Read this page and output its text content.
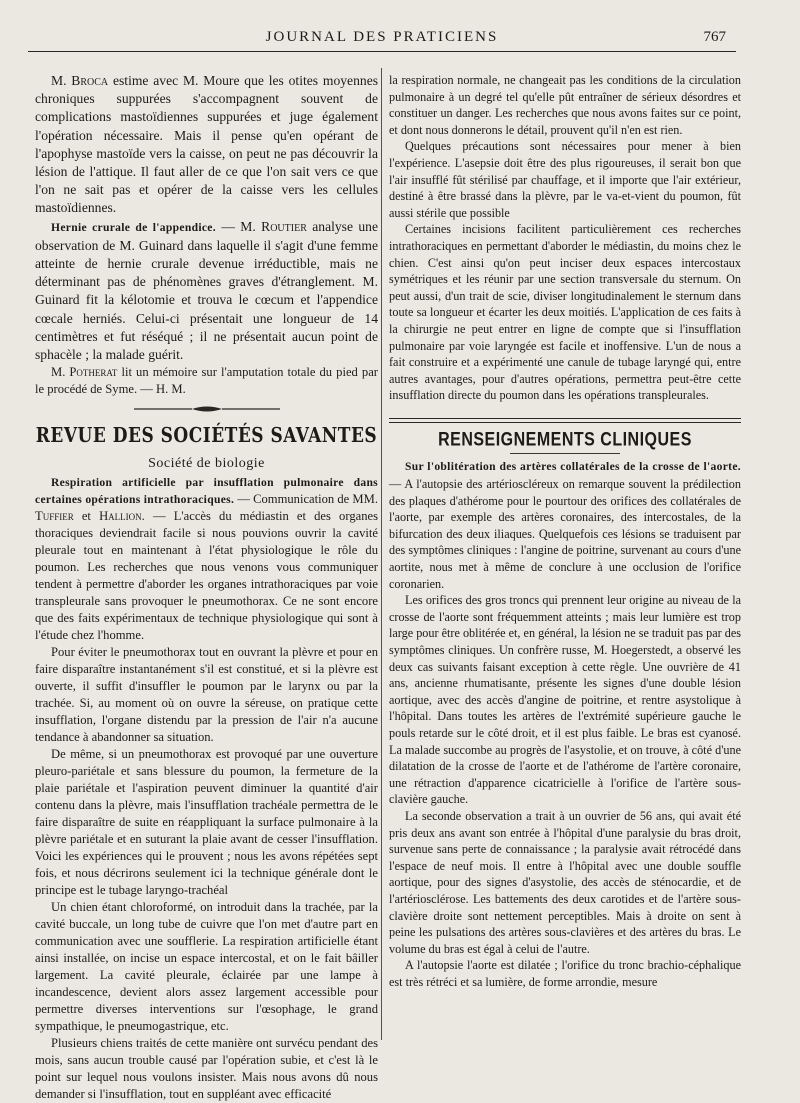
JOURNAL DES PRATICIENS	767

M. Broca estime avec M. Moure que les otites moyennes chroniques suppurées s'accompagnent souvent de complications mastoïdiennes suppurées et juge également l'opération nécessaire. Mais il pense qu'en opérant de l'apophyse mastoïde vers la caisse, on peut ne pas découvrir la lésion de l'attique. Il faut aller de ce que l'on sait vers ce que l'on ne sait pas et opérer de la caisse vers les cellules mastoïdiennes.

Hernie crurale de l'appendice. — M. Routier analyse une observation de M. Guinard dans laquelle il s'agit d'une femme atteinte de hernie crurale devenue irréductible, mais ne déterminant pas de phénomènes graves d'étranglement. M. Guinard fit la kélotomie et trouva le cœcum et l'appendice cœcale herniés. Celui-ci présentait une longueur de 14 centimètres et fut réséqué ; il ne présentait aucun point de sphacèle ; la malade guérit.

M. Potherat lit un mémoire sur l'amputation totale du pied par le procédé de Syme. — H. M.

REVUE DES SOCIÉTÉS SAVANTES
Société de biologie

Respiration artificielle par insufflation pulmonaire dans certaines opérations intrathoraciques. — Communication de MM. Tuffier et Hallion. — L'accès du médiastin et des organes thoraciques deviendrait facile si nous pouvions ouvrir la cavité pleurale tout en maintenant à l'état physiologique le rôle du poumon. Les recherches que nous venons vous communiquer tendent à permettre d'aborder les organes intrathoraciques par voie transpleurale sans provoquer le pneumothorax. Ce ne sont encore que des faits expérimentaux de technique physiologique qui sont à l'étude chez l'homme.

Pour éviter le pneumothorax tout en ouvrant la plèvre et pour en faire disparaître instantanément s'il est constitué, et si la plèvre est ouverte, il suffit d'insuffler le poumon par le larynx ou par la trachée. Si, au moment où on ouvre la séreuse, on pratique cette insufflation, l'organe distendu par la pression de l'air n'a aucune tendance à abandonner sa situation.

De même, si un pneumothorax est provoqué par une ouverture pleuro-pariétale et sans blessure du poumon, la fermeture de la plaie pariétale et l'aspiration peuvent diminuer la quantité d'air contenu dans la plèvre, mais l'insufflation trachéale permettra de le faire disparaître de suite en réappliquant la surface pulmonaire à la plèvre pariétale et en suturant la plaie avant de cesser l'insufflation. Voici les expériences qui le prouvent ; nous les avons répétées sept fois, et nous décrirons seulement ici la technique générale dont le principe est le tubage laryngo-trachéal

Un chien étant chloroformé, on introduit dans la trachée, par la cavité buccale, un long tube de cuivre que l'on met d'autre part en communication avec une soufflerie. La respiration artificielle étant ainsi installée, on incise un espace intercostal, et on le fait bâiller largement. La cavité pleurale, éclairée par une lampe à incandescence, devient alors assez largement accessible pour permettre diverses interventions sur l'œsophage, le grand sympathique, le pneumogastrique, etc.

Plusieurs chiens traités de cette manière ont survécu pendant des mois, sans aucun trouble causé par l'opération subie, et c'est là le point sur lequel nous voulons insister. Mais nous avons dû nous demander si l'insufflation, tout en suppléant avec efficacité

la respiration normale, ne changeait pas les conditions de la circulation pulmonaire à un degré tel qu'elle pût entraîner de sérieux désordres et constituer un danger. Les recherches que nous avons faites sur ce point, et dont nous donnerons le détail, prouvent qu'il n'en est rien.

Quelques précautions sont nécessaires pour mener à bien l'expérience. L'asepsie doit être des plus rigoureuses, il serait bon que l'air insufflé fût stérilisé par chauffage, et il importe que l'air extérieur, destiné à être brassé dans la plèvre, par le va-et-vient du poumon, fût aussi stérile que possible

Certaines incisions facilitent particulièrement ces recherches intrathoraciques en permettant d'aborder le médiastin, du moins chez le chien. C'est ainsi qu'on peut inciser deux espaces intercostaux symétriques et les réunir par une section transversale du sternum. On peut aussi, d'un trait de scie, diviser longitudinalement le sternum dans toute sa longueur et écarter les deux moitiés. L'application de ces faits à la chirurgie ne peut entrer en ligne de compte que si l'insufflation pulmonaire par voie laryngée est facile et inoffensive. L'un de nous a fait construire et a expérimenté une canule de tubage laryngé qui, entre autres avantages, pour d'autres opérations, permettra peut-être cette insufflation directe du poumon dans les opérations transpleurales.

RENSEIGNEMENTS CLINIQUES

Sur l'oblitération des artères collatérales de la crosse de l'aorte. — A l'autopsie des artérioscléreux on remarque souvent la prédilection des plaques d'athérome pour le pourtour des orifices des collatérales de l'aorte, par exemple des artères coronaires, des intercostales, de la bifurcation des deux iliaques. Quelquefois ces lésions se traduisent par des symptômes cliniques : l'angine de poitrine, survenant au cours d'une aortite, nous met à même de conclure à une occlusion de l'orifice coronarien.

Les orifices des gros troncs qui prennent leur origine au niveau de la crosse de l'aorte sont fréquemment atteints ; mais leur lumière est trop large pour être oblitérée et, en général, la lésion ne se traduit pas par des symptômes cliniques. Un confrère russe, M. Hoegerstedt, a observé les deux cas suivants faisant exception à cette règle. Une ouvrière de 41 ans, ancienne rhumatisante, présente les signes d'une double lésion aortique, avec des accès d'angine de poitrine, et rentre asystolique à l'hôpital. Dans toutes les artères de l'extrémité supérieure gauche le pouls retarde sur le côté droit, et il est plus faible. Le bras est cyanosé. La malade succombe au progrès de l'asystolie, et on trouve, à côté d'une dilatation de la crosse de l'aorte et de l'athérome de l'artère coronaire, une rétraction d'apparence cicatricielle à l'orifice de l'artère sous-clavière gauche.

La seconde observation a trait à un ouvrier de 56 ans, qui avait été pris deux ans avant son entrée à l'hôpital d'une paralysie du bras droit, survenue sans perte de connaissance ; la paralysie avait rétrocédé dans l'espace de neuf mois. Il entre à l'hôpital avec une double souffle aortique, pour des signes d'asystolie, des accès de sténocardie, et de l'artériosclérose. Les battements des deux carotides et de l'artère sous-clavière droite sont nettement perceptibles. Mais à droite on sent à peine les pulsations des artères sous-clavières et des artères du bras. Le volume du bras est égal à celui de l'autre.

A l'autopsie l'aorte est dilatée ; l'orifice du tronc brachio-céphalique est très rétréci et sa lumière, de forme arrondie, mesure
